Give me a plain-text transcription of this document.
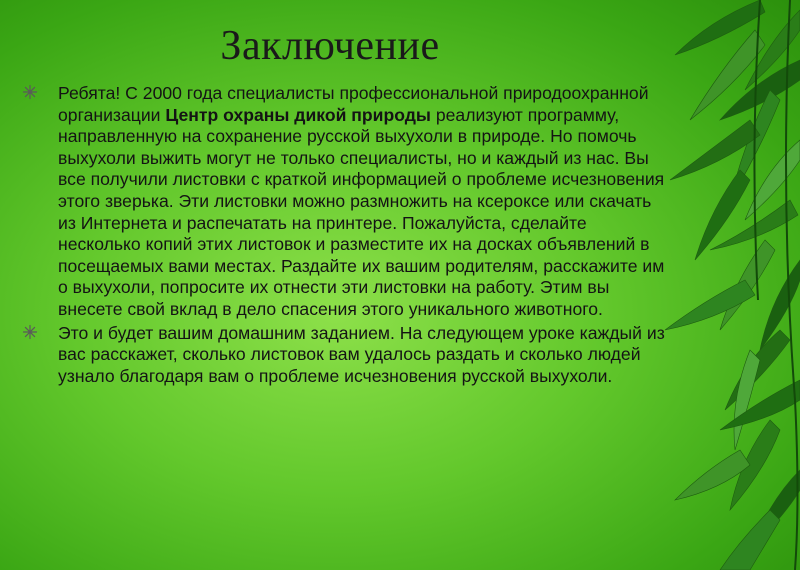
Заключение

Ребята! С 2000 года специалисты профессиональной природоохранной организации Центр охраны дикой природы реализуют программу, направленную на сохранение русской выхухоли в природе. Но помочь выхухоли выжить могут не только специалисты, но и каждый из нас. Вы все получили листовки с краткой информацией о проблеме исчезновения этого зверька. Эти листовки можно размножить на ксероксе или скачать из Интернета и распечатать на принтере. Пожалуйста, сделайте несколько копий этих листовок и разместите их на досках объявлений в посещаемых вами местах. Раздайте их вашим родителям, расскажите им о выхухоли, попросите их отнести эти листовки на работу. Этим вы внесете свой вклад в дело спасения этого уникального животного.

Это и будет вашим домашним заданием. На следующем уроке каждый из вас расскажет, сколько листовок вам удалось раздать и сколько людей узнало благодаря вам о проблеме исчезновения русской выхухоли.
